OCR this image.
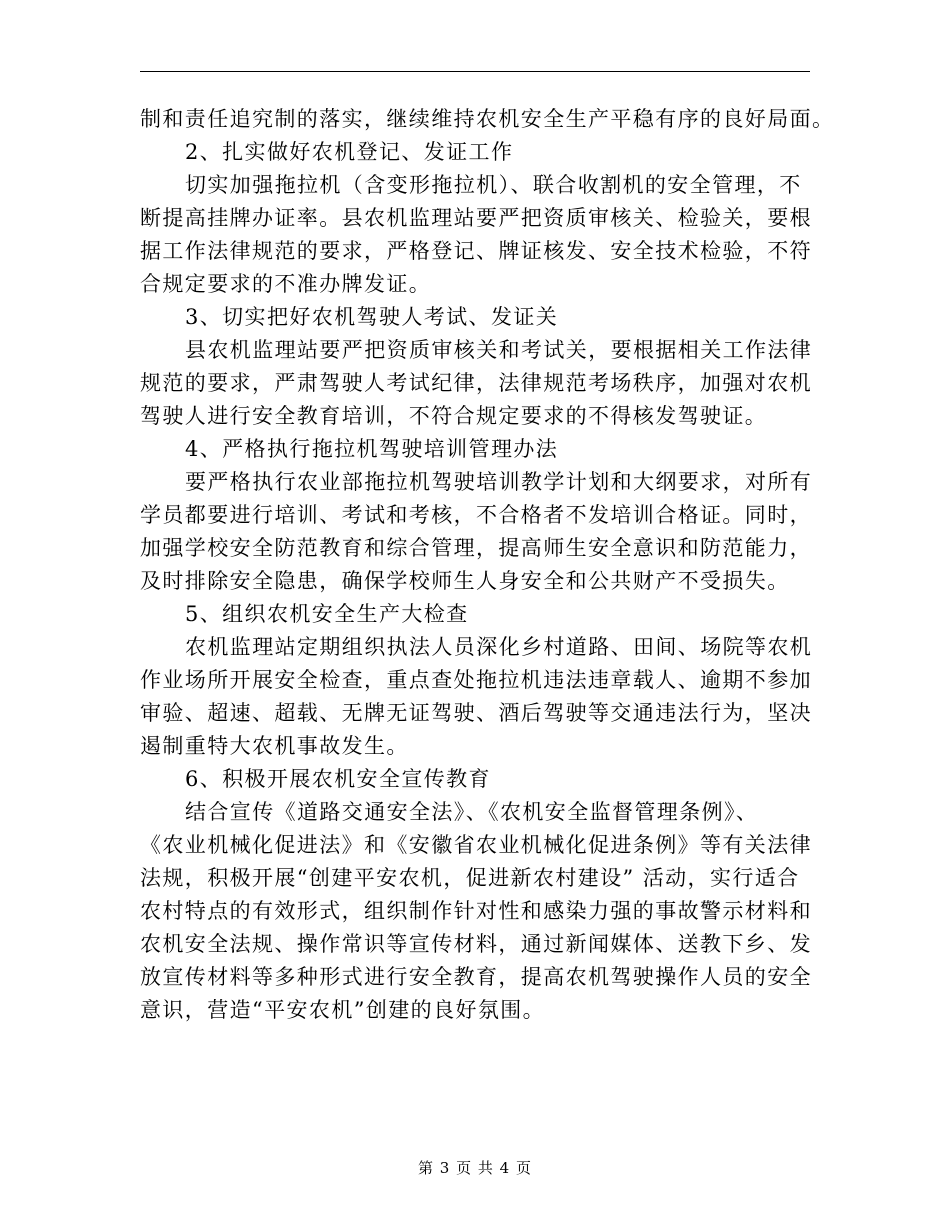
制和责任追究制的落实，继续维持农机安全生产平稳有序的良好局面。
2、扎实做好农机登记、发证工作
切实加强拖拉机（含变形拖拉机）、联合收割机的安全管理，不
断提高挂牌办证率。县农机监理站要严把资质审核关、检验关，要根
据工作法律规范的要求，严格登记、牌证核发、安全技术检验，不符
合规定要求的不准办牌发证。
3、切实把好农机驾驶人考试、发证关
县农机监理站要严把资质审核关和考试关，要根据相关工作法律
规范的要求，严肃驾驶人考试纪律，法律规范考场秩序，加强对农机
驾驶人进行安全教育培训，不符合规定要求的不得核发驾驶证。
4、严格执行拖拉机驾驶培训管理办法
要严格执行农业部拖拉机驾驶培训教学计划和大纲要求，对所有
学员都要进行培训、考试和考核，不合格者不发培训合格证。同时，
加强学校安全防范教育和综合管理，提高师生安全意识和防范能力，
及时排除安全隐患，确保学校师生人身安全和公共财产不受损失。
5、组织农机安全生产大检查
农机监理站定期组织执法人员深化乡村道路、田间、场院等农机
作业场所开展安全检查，重点查处拖拉机违法违章载人、逾期不参加
审验、超速、超载、无牌无证驾驶、酒后驾驶等交通违法行为，坚决
遏制重特大农机事故发生。
6、积极开展农机安全宣传教育
结合宣传《道路交通安全法》、《农机安全监督管理条例》、
《农业机械化促进法》和《安徽省农业机械化促进条例》等有关法律
法规，积极开展“创建平安农机，促进新农村建设” 活动，实行适合
农村特点的有效形式，组织制作针对性和感染力强的事故警示材料和
农机安全法规、操作常识等宣传材料，通过新闻媒体、送教下乡、发
放宣传材料等多种形式进行安全教育，提高农机驾驶操作人员的安全
意识，营造“平安农机”创建的良好氛围。
第 3 页 共 4 页
